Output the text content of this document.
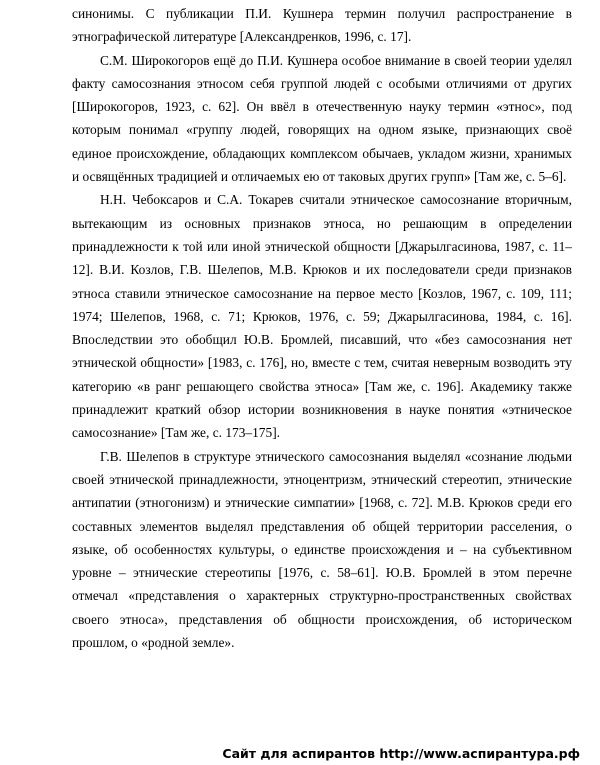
синонимы. С публикации П.И. Кушнера термин получил распространение в этнографической литературе [Александренков, 1996, с. 17].

С.М. Широкогоров ещё до П.И. Кушнера особое внимание в своей теории уделял факту самосознания этносом себя группой людей с особыми отличиями от других [Широкогоров, 1923, с. 62]. Он ввёл в отечественную науку термин «этнос», под которым понимал «группу людей, говорящих на одном языке, признающих своё единое происхождение, обладающих комплексом обычаев, укладом жизни, хранимых и освящённых традицией и отличаемых ею от таковых других групп» [Там же, с. 5–6].

Н.Н. Чебоксаров и С.А. Токарев считали этническое самосознание вторичным, вытекающим из основных признаков этноса, но решающим в определении принадлежности к той или иной этнической общности [Джарылгасинова, 1987, с. 11–12]. В.И. Козлов, Г.В. Шелепов, М.В. Крюков и их последователи среди признаков этноса ставили этническое самосознание на первое место [Козлов, 1967, с. 109, 111; 1974; Шелепов, 1968, с. 71; Крюков, 1976, с. 59; Джарылгасинова, 1984, с. 16]. Впоследствии это обобщил Ю.В. Бромлей, писавший, что «без самосознания нет этнической общности» [1983, с. 176], но, вместе с тем, считая неверным возводить эту категорию «в ранг решающего свойства этноса» [Там же, с. 196]. Академику также принадлежит краткий обзор истории возникновения в науке понятия «этническое самосознание» [Там же, с. 173–175].

Г.В. Шелепов в структуре этнического самосознания выделял «сознание людьми своей этнической принадлежности, этноцентризм, этнический стереотип, этнические антипатии (этногонизм) и этнические симпатии» [1968, с. 72]. М.В. Крюков среди его составных элементов выделял представления об общей территории расселения, о языке, об особенностях культуры, о единстве происхождения и – на субъективном уровне – этнические стереотипы [1976, с. 58–61]. Ю.В. Бромлей в этом перечне отмечал «представления о характерных структурно-пространственных свойствах своего этноса», представления об общности происхождения, об историческом прошлом, о «родной земле».

Сайт для аспирантов http://www.аспирантура.рф
